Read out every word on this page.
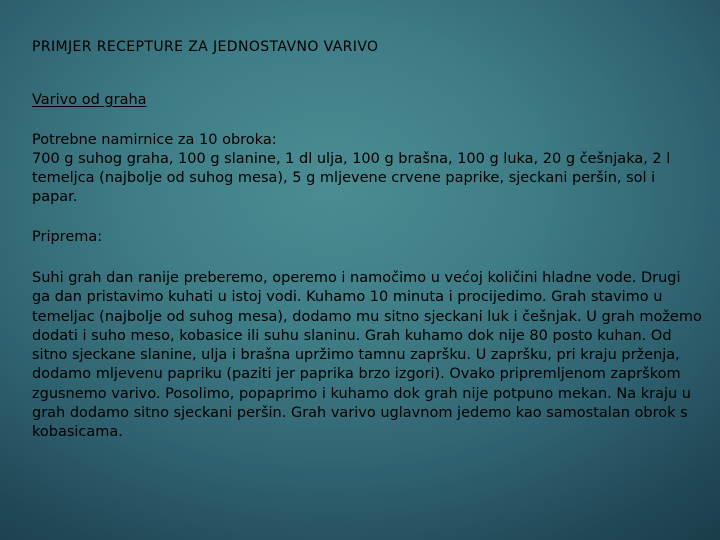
PRIMJER RECEPTURE ZA JEDNOSTAVNO VARIVO
Varivo od graha

Potrebne namirnice za 10 obroka:

700 g suhog graha, 100 g slanine, 1 dl ulja, 100 g brašna, 100 g luka, 20 g češnjaka, 2 l temeljca (najbolje od suhog mesa), 5 g mljevene crvene paprike, sjeckani peršin, sol i papar.

Priprema:

Suhi grah dan ranije preberemo, operemo i namočimo u većoj količini hladne vode. Drugi ga dan pristavimo kuhati u istoj vodi. Kuhamo 10 minuta i procijedimo. Grah stavimo u temeljac (najbolje od suhog mesa), dodamo mu sitno sjeckani luk i češnjak. U grah možemo dodati i suho meso, kobasice ili suhu slaninu. Grah kuhamo dok nije 80 posto kuhan. Od sitno sjeckane slanine, ulja i brašna upržimo tamnu zapršku. U zapršku, pri kraju prženja, dodamo mljevenu papriku (paziti jer paprika brzo izgori). Ovako pripremljenom zaprškom zgusnemo varivo. Posolimo, popaprimo i kuhamo dok grah nije potpuno mekan. Na kraju u grah dodamo sitno sjeckani peršin. Grah varivo uglavnom jedemo kao samostalan obrok s kobasicama.
